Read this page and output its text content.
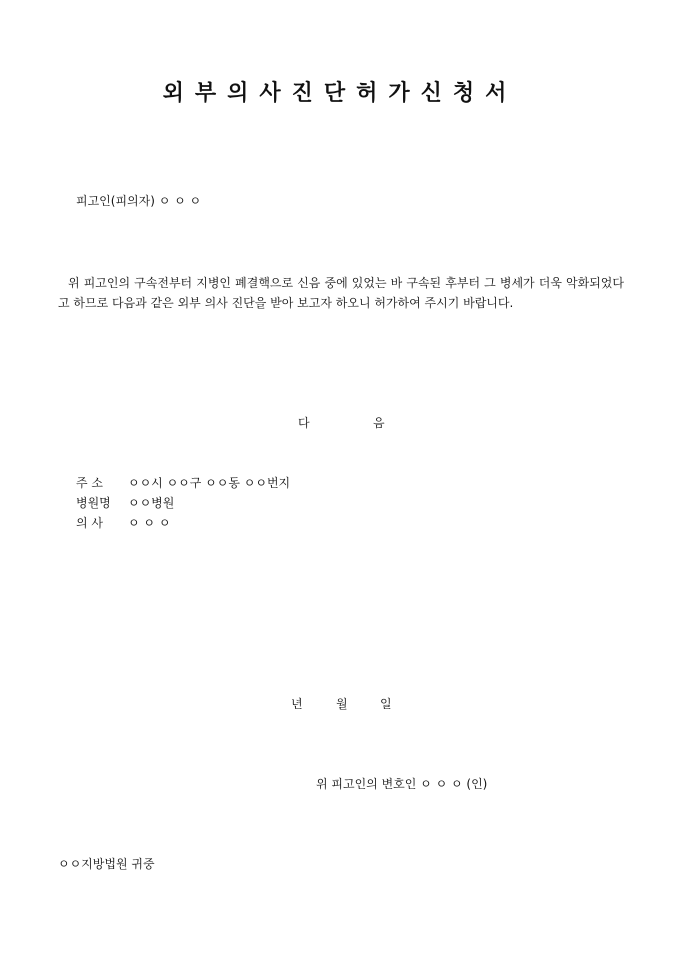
외부의사진단허가신청서
피고인(피의자) ㅇ ㅇ ㅇ
위 피고인의 구속전부터 지병인 폐결핵으로 신음 중에 있었는 바 구속된 후부터 그 병세가 더욱 악화되었다고 하므로 다음과 같은 외부 의사 진단을 받아 보고자 하오니 허가하여 주시기 바랍니다.
다	음
주 소 ㅇㅇ시 ㅇㅇ구 ㅇㅇ동 ㅇㅇ번지
병원명 ㅇㅇ병원
의 사 ㅇ ㅇ ㅇ
년	월	일
위 피고인의 변호인 ㅇ ㅇ ㅇ (인)
ㅇㅇ지방법원 귀중
